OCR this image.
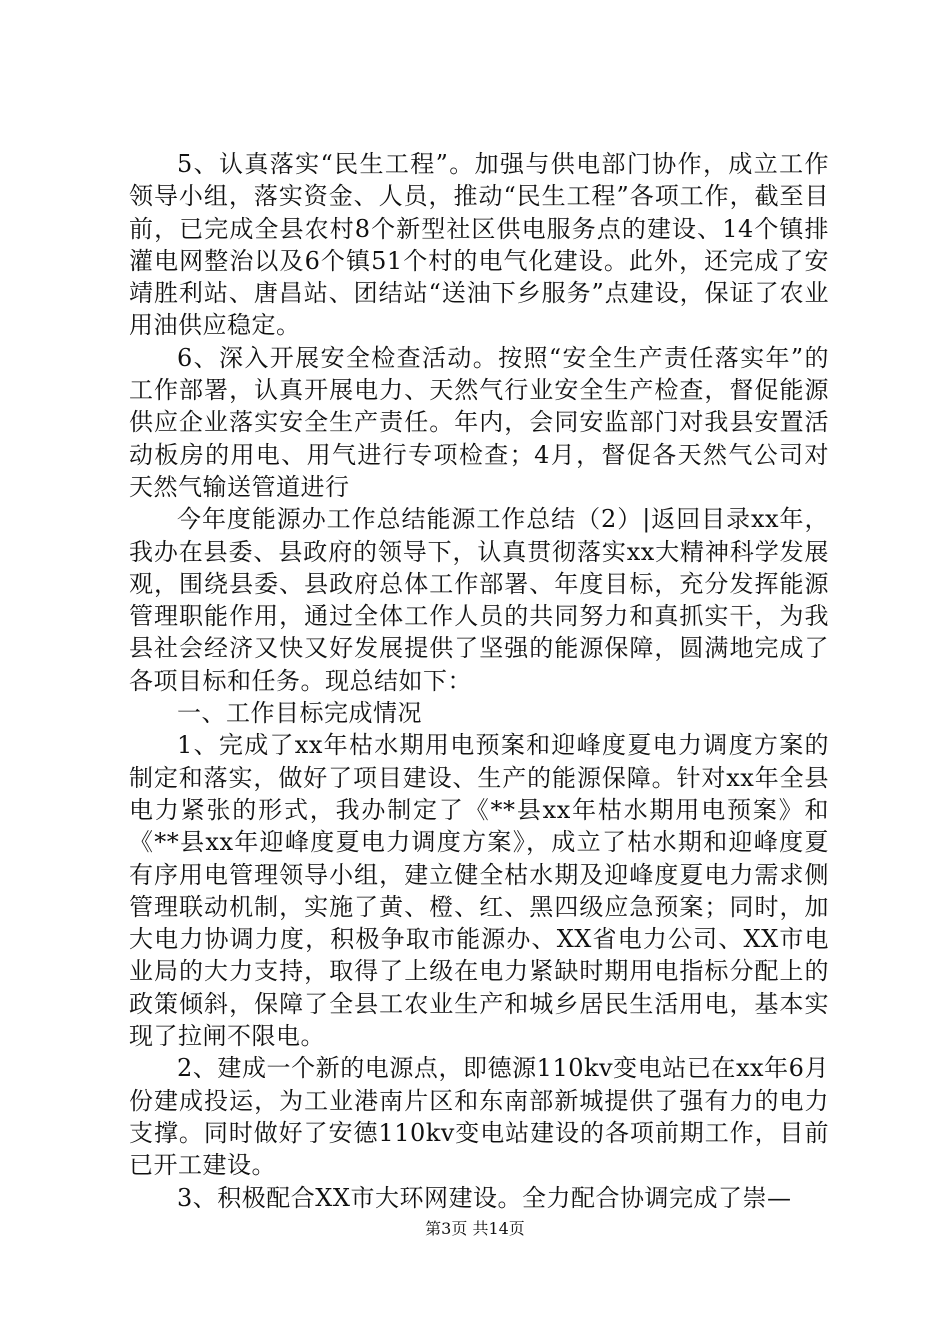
5、认真落实“民生工程”。加强与供电部门协作，成立工作领导小组，落实资金、人员，推动“民生工程”各项工作，截至目前，已完成全县农村8个新型社区供电服务点的建设、14个镇排灌电网整治以及6个镇51个村的电气化建设。此外，还完成了安靖胜利站、唐昌站、团结站“送油下乡服务”点建设，保证了农业用油供应稳定。

6、深入开展安全检查活动。按照“安全生产责任落实年”的工作部署，认真开展电力、天然气行业安全生产检查，督促能源供应企业落实安全生产责任。年内，会同安监部门对我县安置活动板房的用电、用气进行专项检查；4月，督促各天然气公司对天然气输送管道进行

今年度能源办工作总结能源工作总结（2）|返回目录xx年，我办在县委、县政府的领导下，认真贯彻落实xx大精神科学发展观，围绕县委、县政府总体工作部署、年度目标，充分发挥能源管理职能作用，通过全体工作人员的共同努力和真抓实干，为我县社会经济又快又好发展提供了坚强的能源保障，圆满地完成了各项目标和任务。现总结如下：

一、工作目标完成情况

1、完成了xx年枯水期用电预案和迎峰度夏电力调度方案的制定和落实，做好了项目建设、生产的能源保障。针对xx年全县电力紧张的形式，我办制定了《**县xx年枯水期用电预案》和《**县xx年迎峰度夏电力调度方案》，成立了枯水期和迎峰度夏有序用电管理领导小组，建立健全枯水期及迎峰度夏电力需求侧管理联动机制，实施了黄、橙、红、黑四级应急预案；同时，加大电力协调力度，积极争取市能源办、XX省电力公司、XX市电业局的大力支持，取得了上级在电力紧缺时期用电指标分配上的政策倾斜，保障了全县工农业生产和城乡居民生活用电，基本实现了拉闸不限电。

2、建成一个新的电源点，即德源110kv变电站已在xx年6月份建成投运，为工业港南片区和东南部新城提供了强有力的电力支撑。同时做好了安德110kv变电站建设的各项前期工作，目前已开工建设。

3、积极配合XX市大环网建设。全力配合协调完成了崇—

第3页 共14页
